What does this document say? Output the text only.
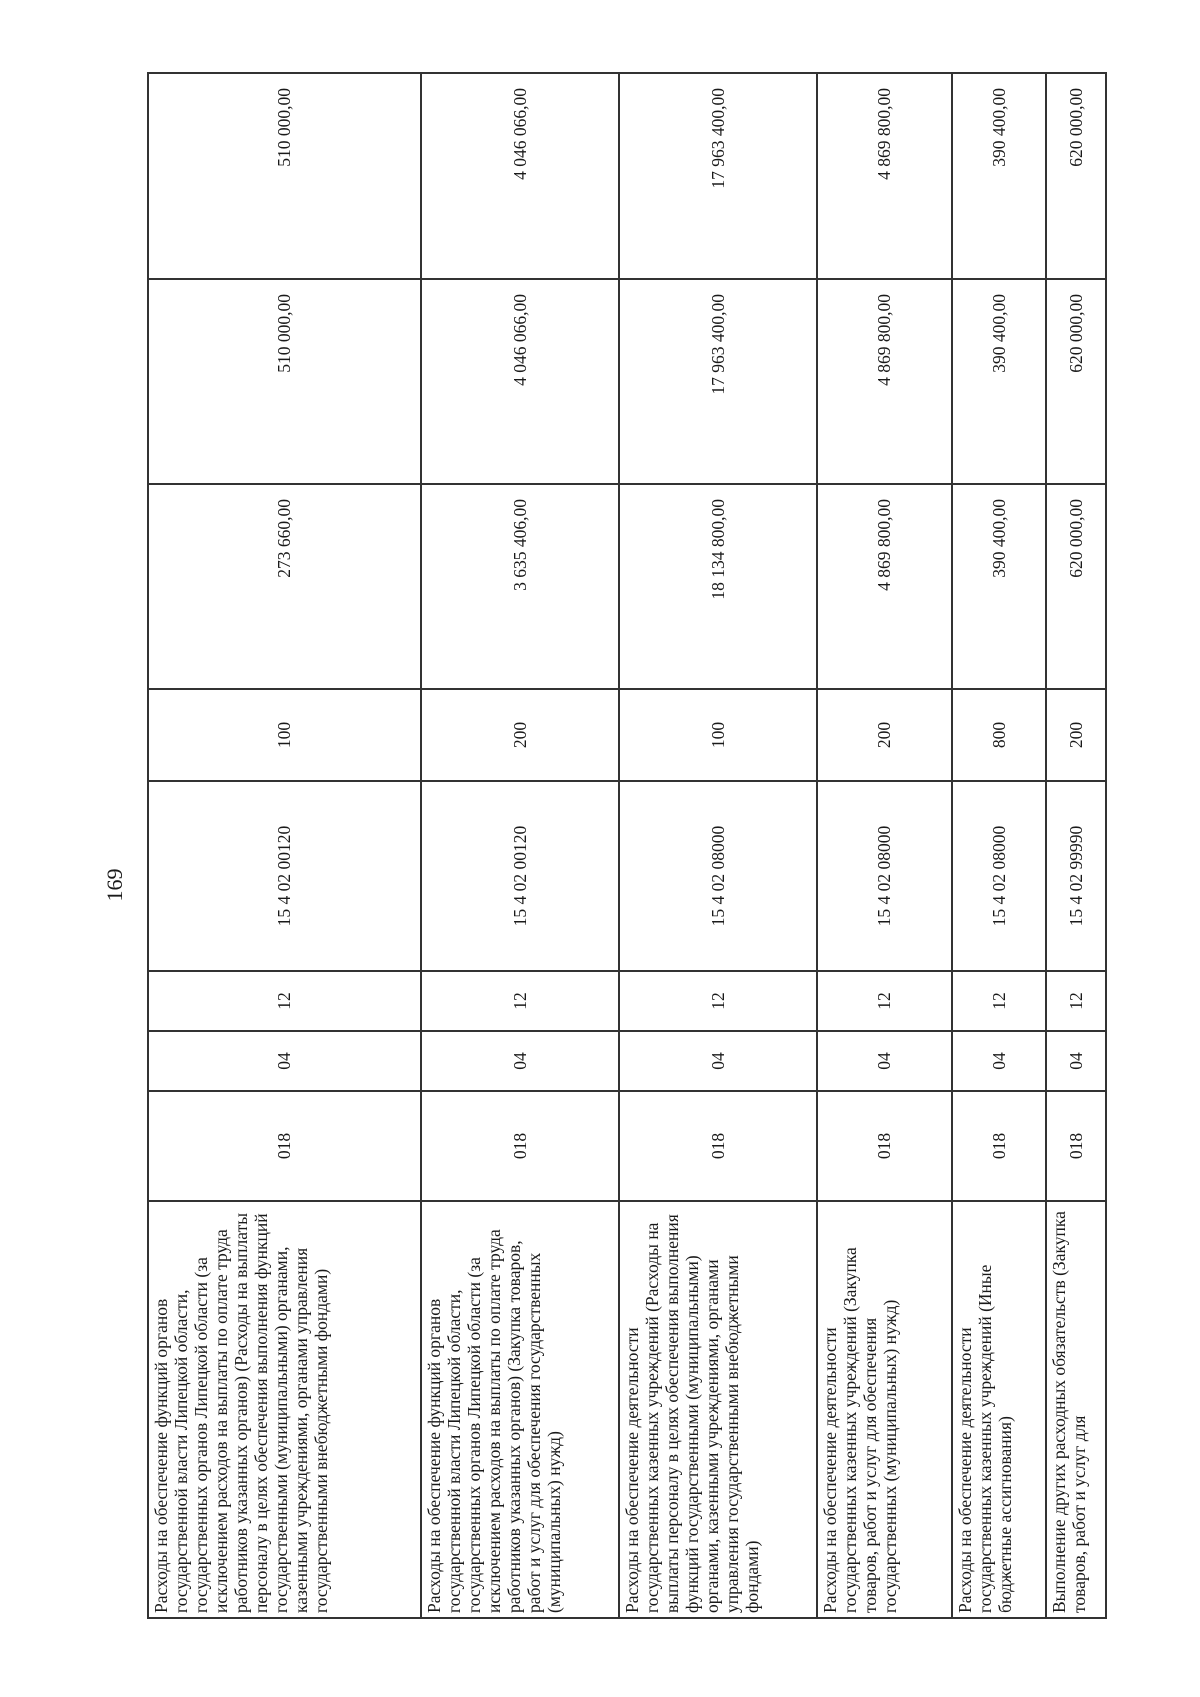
169
Расходы на обеспечение функций органов государственной власти Липецкой области, государственных органов Липецкой области (за исключением расходов на выплаты по оплате труда работников указанных органов) (Расходы на выплаты персоналу в целях обеспечения выполнения функций государственными (муниципальными) органами, казенными учреждениями, органами управления государственными внебюджетными фондами)	018	04	12	15 4 02 00120	100	273 660,00	510 000,00	510 000,00
Расходы на обеспечение функций органов государственной власти Липецкой области, государственных органов Липецкой области (за исключением расходов на выплаты по оплате труда работников указанных органов) (Закупка товаров, работ и услуг для обеспечения государственных (муниципальных) нужд)	018	04	12	15 4 02 00120	200	3 635 406,00	4 046 066,00	4 046 066,00
Расходы на обеспечение деятельности государственных казенных учреждений (Расходы на выплаты персоналу в целях обеспечения выполнения функций государственными (муниципальными) органами, казенными учреждениями, органами управления государственными внебюджетными фондами)	018	04	12	15 4 02 08000	100	18 134 800,00	17 963 400,00	17 963 400,00
Расходы на обеспечение деятельности государственных казенных учреждений (Закупка товаров, работ и услуг для обеспечения государственных (муниципальных) нужд)	018	04	12	15 4 02 08000	200	4 869 800,00	4 869 800,00	4 869 800,00
Расходы на обеспечение деятельности государственных казенных учреждений (Иные бюджетные ассигнования)	018	04	12	15 4 02 08000	800	390 400,00	390 400,00	390 400,00
Выполнение других расходных обязательств (Закупка товаров, работ и услуг для	018	04	12	15 4 02 99990	200	620 000,00	620 000,00	620 000,00
